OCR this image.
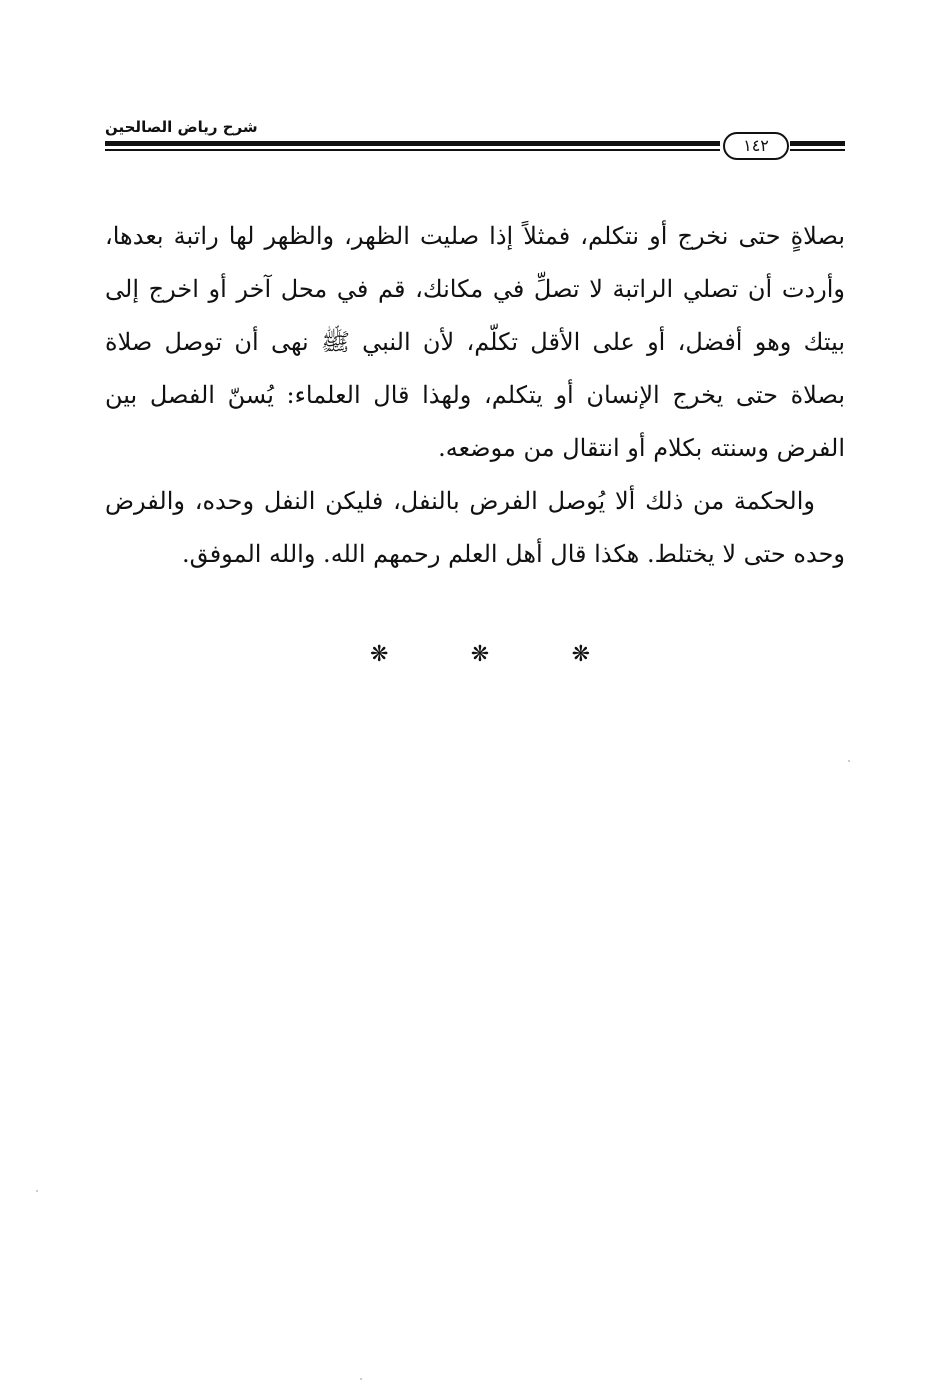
شرح رياض الصالحين
١٤٢

بصلاةٍ حتى نخرج أو نتكلم، فمثلاً إذا صليت الظهر، والظهر لها راتبة بعدها، وأردت أن تصلي الراتبة لا تصلِّ في مكانك، قم في محل آخر أو اخرج إلى بيتك وهو أفضل، أو على الأقل تكلّم، لأن النبي ﷺ نهى أن توصل صلاة بصلاة حتى يخرج الإنسان أو يتكلم، ولهذا قال العلماء: يُسنّ الفصل بين الفرض وسنته بكلام أو انتقال من موضعه.

والحكمة من ذلك ألا يُوصل الفرض بالنفل، فليكن النفل وحده، والفرض وحده حتى لا يختلط. هكذا قال أهل العلم رحمهم الله. والله الموفق.

❋	❋	❋
